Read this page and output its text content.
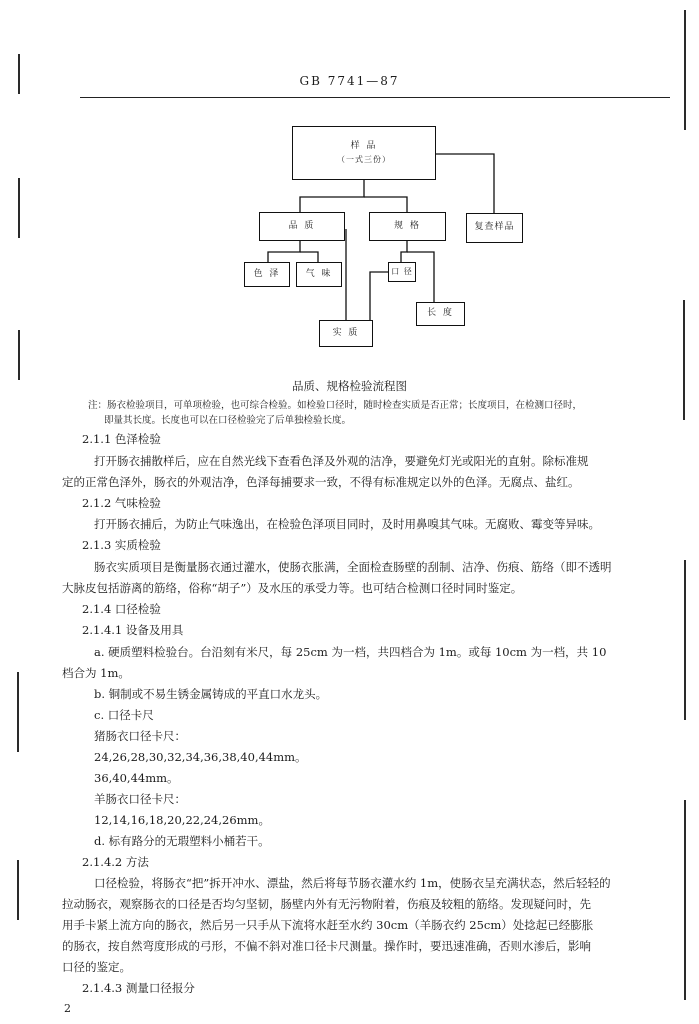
GB 7741—87
样 品
（一式三份）
品 质	规 格	复查样品
色 泽	气 味	口 径
实 质
长 度
品质、规格检验流程图
注：肠衣检验项目，可单项检验，也可综合检验。如检验口径时，随时检查实质是否正常；长度项目，在检测口径时，
即量其长度。长度也可以在口径检验完了后单独检验长度。
2.1.1 色泽检验
打开肠衣捕散样后，应在自然光线下查看色泽及外观的洁净，要避免灯光或阳光的直射。除标准规
定的正常色泽外，肠衣的外观洁净，色泽每捕要求一致，不得有标准规定以外的色泽。无腐点、盐红。
2.1.2 气味检验
打开肠衣捕后，为防止气味逸出，在检验色泽项目同时，及时用鼻嗅其气味。无腐败、霉变等异味。
2.1.3 实质检验
肠衣实质项目是衡量肠衣通过灌水，使肠衣胀满，全面检查肠壁的刮制、洁净、伤痕、筋络（即不透明
大脉皮包括游离的筋络，俗称“胡子”）及水压的承受力等。也可结合检测口径时同时鉴定。
2.1.4 口径检验
2.1.4.1 设备及用具
a. 硬质塑料检验台。台沿刻有米尺，每 25cm 为一档，共四档合为 1m。或每 10cm 为一档，共 10
档合为 1m。
b. 铜制或不易生锈金属铸成的平直口水龙头。
c. 口径卡尺
猪肠衣口径卡尺：
24,26,28,30,32,34,36,38,40,44mm。
36,40,44mm。
羊肠衣口径卡尺：
12,14,16,18,20,22,24,26mm。
d. 标有路分的无瑕塑料小桶若干。
2.1.4.2 方法
口径检验，将肠衣“把”拆开冲水、漂盐，然后将每节肠衣灌水约 1m，使肠衣呈充满状态，然后轻轻的
拉动肠衣，观察肠衣的口径是否均匀坚韧，肠壁内外有无污物附着，伤痕及较粗的筋络。发现疑问时，先
用手卡紧上流方向的肠衣，然后另一只手从下流将水赶至水约 30cm（羊肠衣约 25cm）处捻起已经膨胀
的肠衣，按自然弯度形成的弓形，不偏不斜对准口径卡尺测量。操作时，要迅速准确，否则水渗后，影响
口径的鉴定。
2.1.4.3 测量口径报分
2
